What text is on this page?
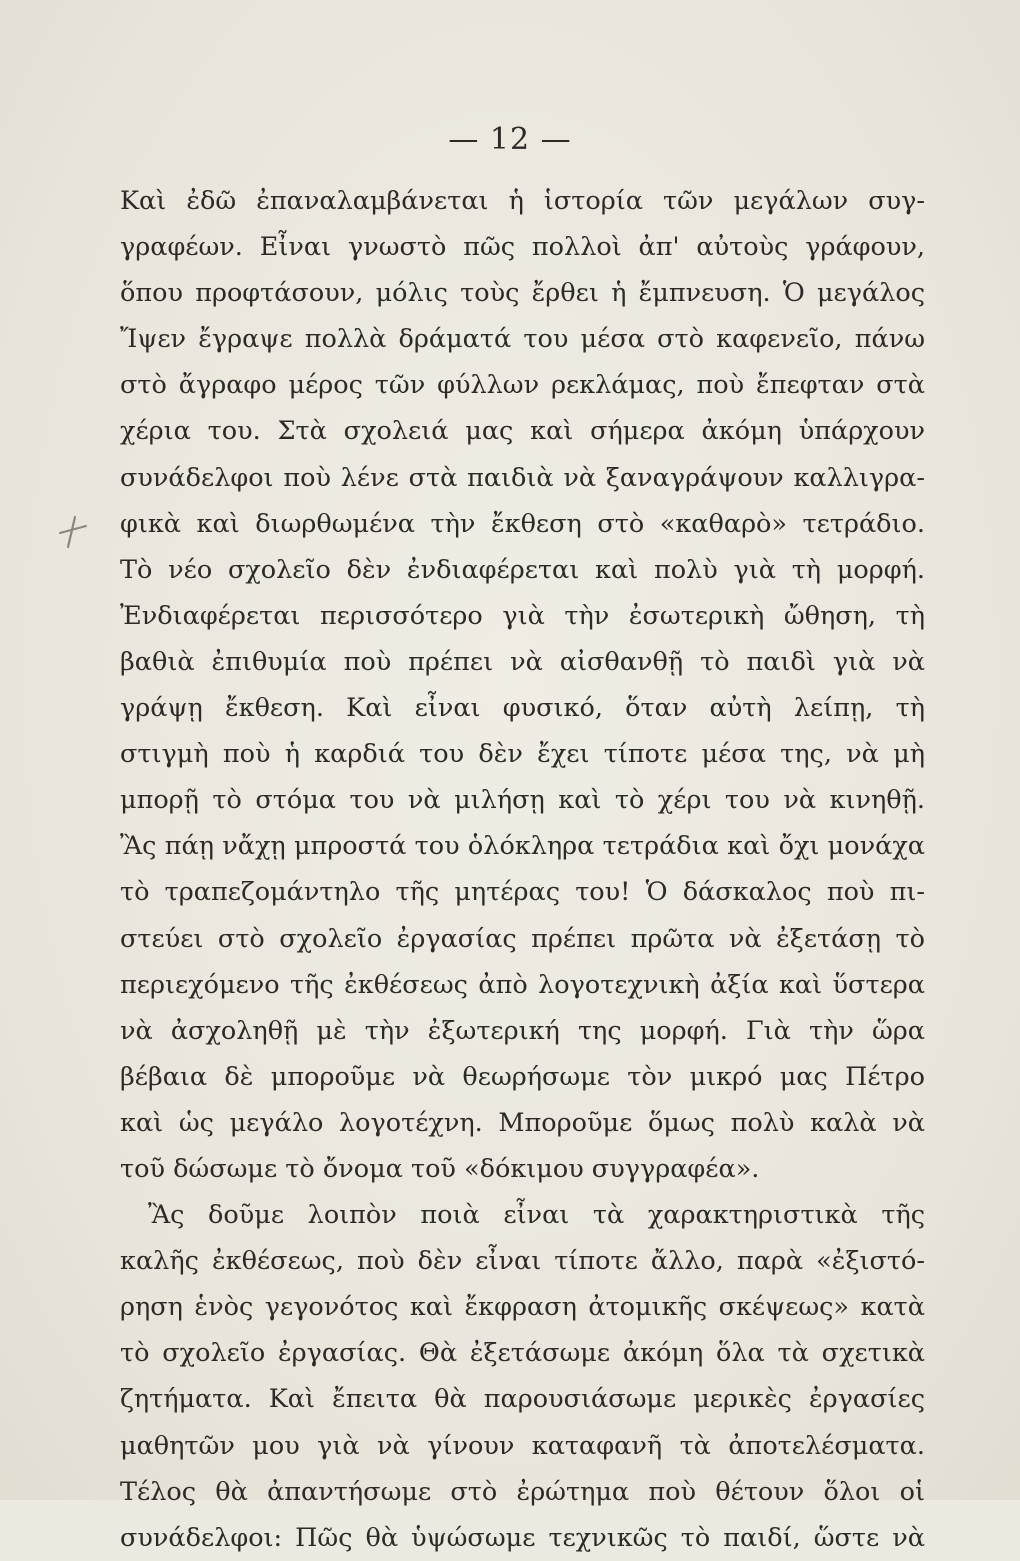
— 12 —
Καὶ ἐδῶ ἐπαναλαμβάνεται ἡ ἱστορία τῶν μεγάλων συγ-
γραφέων. Εἶναι γνωστὸ πῶς πολλοὶ ἀπ' αὐτοὺς γράφουν,
ὅπου προφτάσουν, μόλις τοὺς ἔρθει ἡ ἔμπνευση. Ὁ μεγάλος
Ἴψεν ἔγραψε πολλὰ δράματά του μέσα στὸ καφενεῖο, πάνω
στὸ ἄγραφο μέρος τῶν φύλλων ρεκλάμας, ποὺ ἔπεφταν στὰ
χέρια του. Στὰ σχολειά μας καὶ σήμερα ἀκόμη ὑπάρχουν
συνάδελφοι ποὺ λένε στὰ παιδιὰ νὰ ξαναγράψουν καλλιγρα-
φικὰ καὶ διωρθωμένα τὴν ἔκθεση στὸ «καθαρὸ» τετράδιο.
Τὸ νέο σχολεῖο δὲν ἐνδιαφέρεται καὶ πολὺ γιὰ τὴ μορφή.
Ἐνδιαφέρεται περισσότερο γιὰ τὴν ἐσωτερικὴ ὤθηση, τὴ
βαθιὰ ἐπιθυμία ποὺ πρέπει νὰ αἰσθανθῇ τὸ παιδὶ γιὰ νὰ
γράψῃ ἔκθεση. Καὶ εἶναι φυσικό, ὅταν αὐτὴ λείπῃ, τὴ
στιγμὴ ποὺ ἡ καρδιά του δὲν ἔχει τίποτε μέσα της, νὰ μὴ
μπορῇ τὸ στόμα του νὰ μιλήσῃ καὶ τὸ χέρι του νὰ κινηθῇ.
Ἂς πάῃ νἄχῃ μπροστά του ὁλόκληρα τετράδια καὶ ὄχι μονάχα
τὸ τραπεζομάντηλο τῆς μητέρας του! Ὁ δάσκαλος ποὺ πι-
στεύει στὸ σχολεῖο ἐργασίας πρέπει πρῶτα νὰ ἐξετάσῃ τὸ
περιεχόμενο τῆς ἐκθέσεως ἀπὸ λογοτεχνικὴ ἀξία καὶ ὕστερα
νὰ ἀσχοληθῇ μὲ τὴν ἐξωτερική της μορφή. Γιὰ τὴν ὥρα
βέβαια δὲ μποροῦμε νὰ θεωρήσωμε τὸν μικρό μας Πέτρο
καὶ ὡς μεγάλο λογοτέχνη. Μποροῦμε ὅμως πολὺ καλὰ νὰ
τοῦ δώσωμε τὸ ὄνομα τοῦ «δόκιμου συγγραφέα».
Ἂς δοῦμε λοιπὸν ποιὰ εἶναι τὰ χαρακτηριστικὰ τῆς
καλῆς ἐκθέσεως, ποὺ δὲν εἶναι τίποτε ἄλλο, παρὰ «ἐξιστό-
ρηση ἑνὸς γεγονότος καὶ ἔκφραση ἀτομικῆς σκέψεως» κατὰ
τὸ σχολεῖο ἐργασίας. Θὰ ἐξετάσωμε ἀκόμη ὅλα τὰ σχετικὰ
ζητήματα. Καὶ ἔπειτα θὰ παρουσιάσωμε μερικὲς ἐργασίες
μαθητῶν μου γιὰ νὰ γίνουν καταφανῆ τὰ ἀποτελέσματα.
Τέλος θὰ ἀπαντήσωμε στὸ ἐρώτημα ποὺ θέτουν ὅλοι οἱ
συνάδελφοι: Πῶς θὰ ὑψώσωμε τεχνικῶς τὸ παιδί, ὥστε νὰ
